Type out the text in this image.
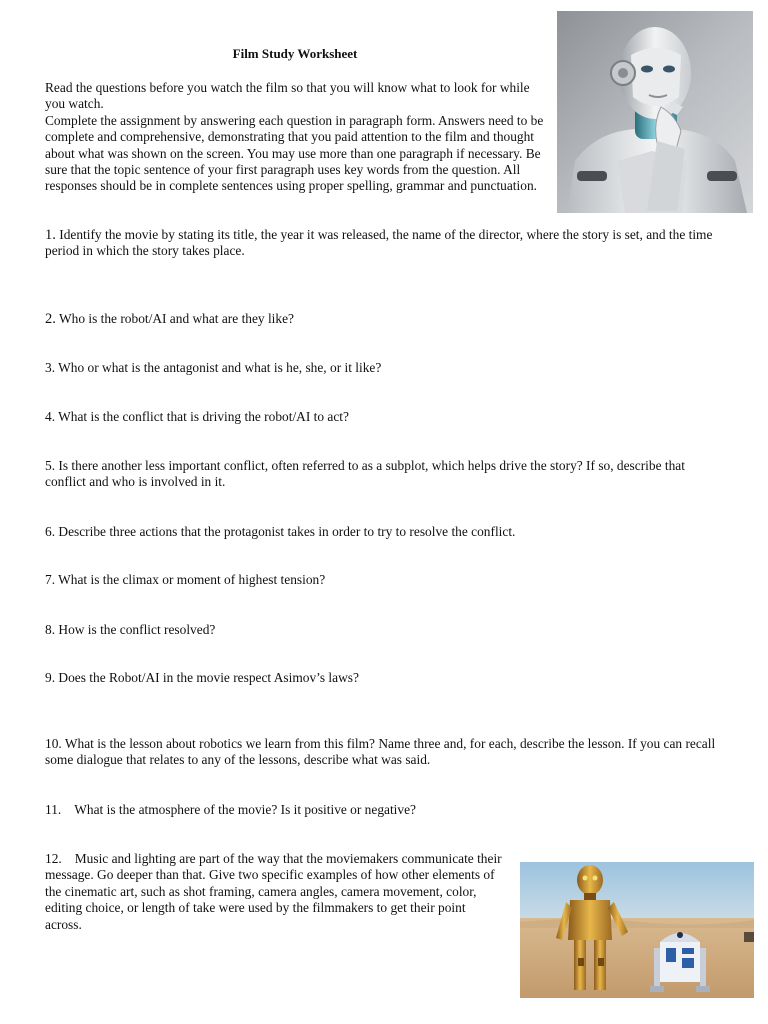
Film Study Worksheet

Read the questions before you watch the film so that you will know what to look for while you watch.

Complete the assignment by answering each question in paragraph form. Answers need to be complete and comprehensive, demonstrating that you paid attention to the film and thought about what was shown on the screen. You may use more than one paragraph if necessary. Be sure that the topic sentence of your first paragraph uses key words from the question. All responses should be in complete sentences using proper spelling, grammar and punctuation.

1. Identify the movie by stating its title, the year it was released, the name of the director, where the story is set, and the time period in which the story takes place.
2. Who is the robot/AI and what are they like?
3. Who or what is the antagonist and what is he, she, or it like?
4. What is the conflict that is driving the robot/AI to act?
5. Is there another less important conflict, often referred to as a subplot, which helps drive the story? If so, describe that conflict and who is involved in it.
6. Describe three actions that the protagonist takes in order to try to resolve the conflict.
7. What is the climax or moment of highest tension?
8. How is the conflict resolved?
9. Does the Robot/AI in the movie respect Asimov’s laws?
10. What is the lesson about robotics we learn from this film? Name three and, for each, describe the lesson. If you can recall some dialogue that relates to any of the lessons, describe what was said.
11. What is the atmosphere of the movie? Is it positive or negative?
12. Music and lighting are part of the way that the moviemakers communicate their message. Go deeper than that. Give two specific examples of how other elements of the cinematic art, such as shot framing, camera angles, camera movement, color, editing choice, or length of take were used by the filmmakers to get their point across.
